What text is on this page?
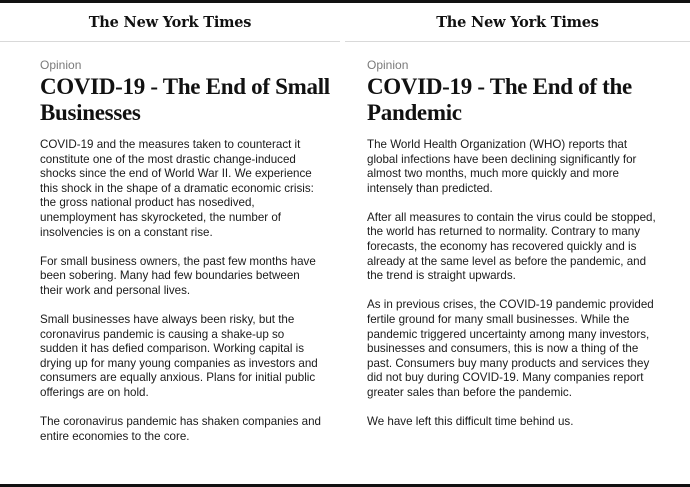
The New York Times
Opinion
COVID-19 - The End of Small Businesses

COVID-19 and the measures taken to counteract it constitute one of the most drastic change-induced shocks since the end of World War II. We experience this shock in the shape of a dramatic economic crisis: the gross national product has nosedived, unemployment has skyrocketed, the number of insolvencies is on a constant rise.

For small business owners, the past few months have been sobering. Many had few boundaries between their work and personal lives.

Small businesses have always been risky, but the coronavirus pandemic is causing a shake-up so sudden it has defied comparison. Working capital is drying up for many young companies as investors and consumers are equally anxious. Plans for initial public offerings are on hold.

The coronavirus pandemic has shaken companies and entire economies to the core.

The New York Times
Opinion
COVID-19 - The End of the Pandemic

The World Health Organization (WHO) reports that global infections have been declining significantly for almost two months, much more quickly and more intensely than predicted.

After all measures to contain the virus could be stopped, the world has returned to normality. Contrary to many forecasts, the economy has recovered quickly and is already at the same level as before the pandemic, and the trend is straight upwards.

As in previous crises, the COVID-19 pandemic provided fertile ground for many small businesses. While the pandemic triggered uncertainty among many investors, businesses and consumers, this is now a thing of the past. Consumers buy many products and services they did not buy during COVID-19. Many companies report greater sales than before the pandemic.

We have left this difficult time behind us.
